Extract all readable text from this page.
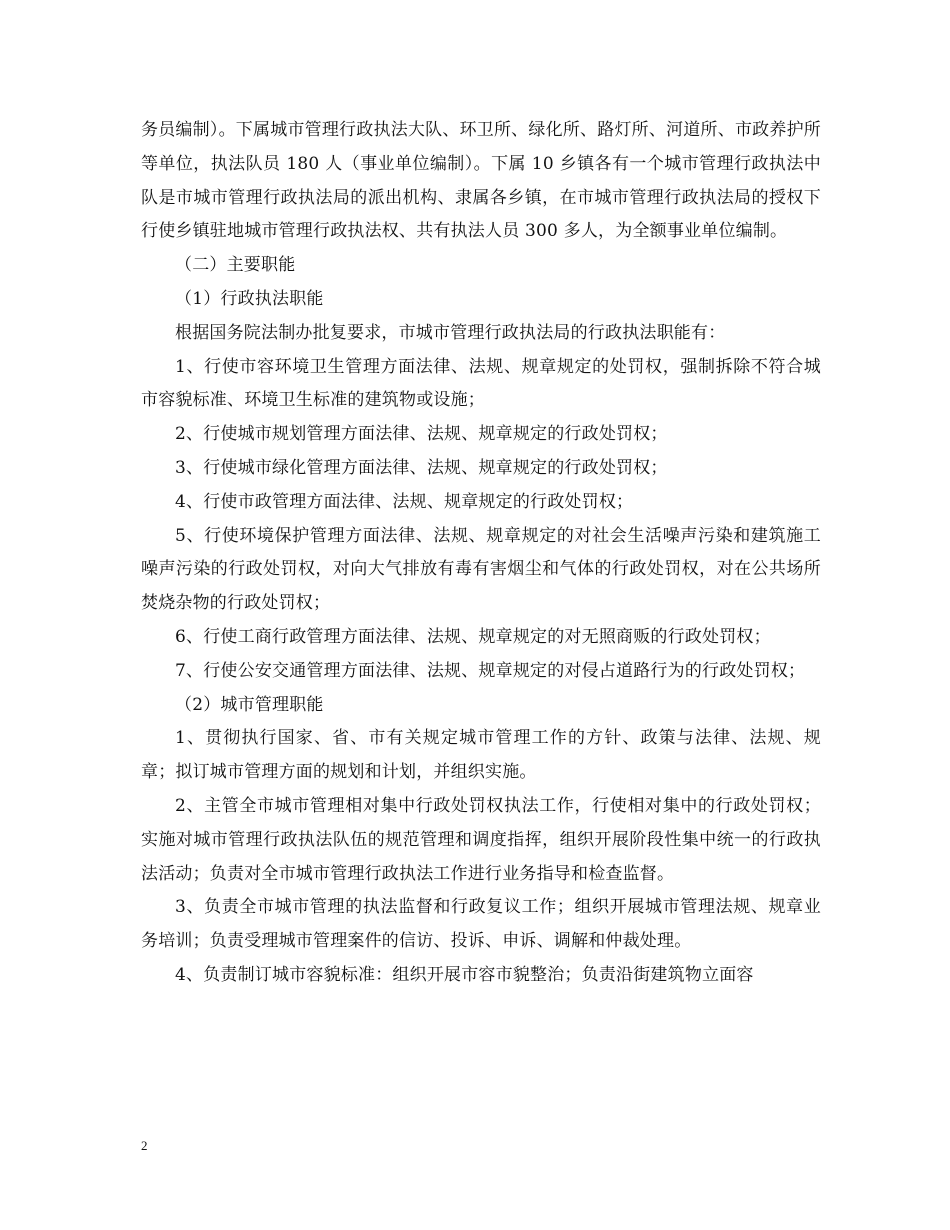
务员编制）。下属城市管理行政执法大队、环卫所、绿化所、路灯所、河道所、市政养护所等单位，执法队员 180 人（事业单位编制）。下属 10 乡镇各有一个城市管理行政执法中队是市城市管理行政执法局的派出机构、隶属各乡镇，在市城市管理行政执法局的授权下行使乡镇驻地城市管理行政执法权、共有执法人员 300 多人，为全额事业单位编制。

（二）主要职能

（1）行政执法职能

根据国务院法制办批复要求，市城市管理行政执法局的行政执法职能有：

1、行使市容环境卫生管理方面法律、法规、规章规定的处罚权，强制拆除不符合城市容貌标准、环境卫生标准的建筑物或设施；

2、行使城市规划管理方面法律、法规、规章规定的行政处罚权；

3、行使城市绿化管理方面法律、法规、规章规定的行政处罚权；

4、行使市政管理方面法律、法规、规章规定的行政处罚权；

5、行使环境保护管理方面法律、法规、规章规定的对社会生活噪声污染和建筑施工噪声污染的行政处罚权，对向大气排放有毒有害烟尘和气体的行政处罚权，对在公共场所焚烧杂物的行政处罚权；

6、行使工商行政管理方面法律、法规、规章规定的对无照商贩的行政处罚权；

7、行使公安交通管理方面法律、法规、规章规定的对侵占道路行为的行政处罚权；

（2）城市管理职能

1、贯彻执行国家、省、市有关规定城市管理工作的方针、政策与法律、法规、规章；拟订城市管理方面的规划和计划，并组织实施。

2、主管全市城市管理相对集中行政处罚权执法工作，行使相对集中的行政处罚权；实施对城市管理行政执法队伍的规范管理和调度指挥，组织开展阶段性集中统一的行政执法活动；负责对全市城市管理行政执法工作进行业务指导和检查监督。

3、负责全市城市管理的执法监督和行政复议工作；组织开展城市管理法规、规章业务培训；负责受理城市管理案件的信访、投诉、申诉、调解和仲裁处理。

4、负责制订城市容貌标准：组织开展市容市貌整治；负责沿街建筑物立面容

2
